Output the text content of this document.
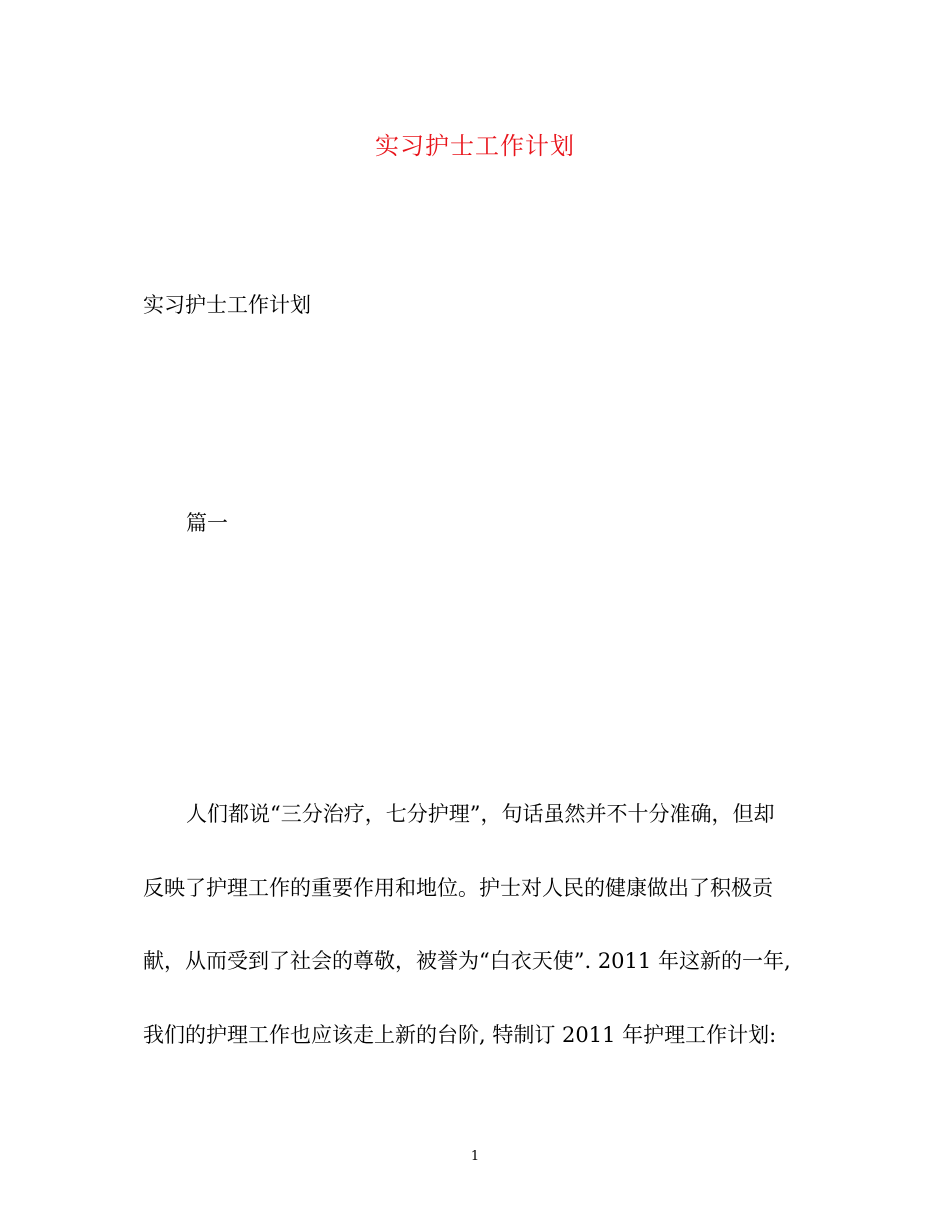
实习护士工作计划
实习护士工作计划
篇一
人们都说“三分治疗，七分护理”，句话虽然并不十分准确，但却
反映了护理工作的重要作用和地位。护士对人民的健康做出了积极贡
献，从而受到了社会的尊敬，被誉为“白衣天使”. 2011 年这新的一年,
我们的护理工作也应该走上新的台阶, 特制订 2011 年护理工作计划:
1
